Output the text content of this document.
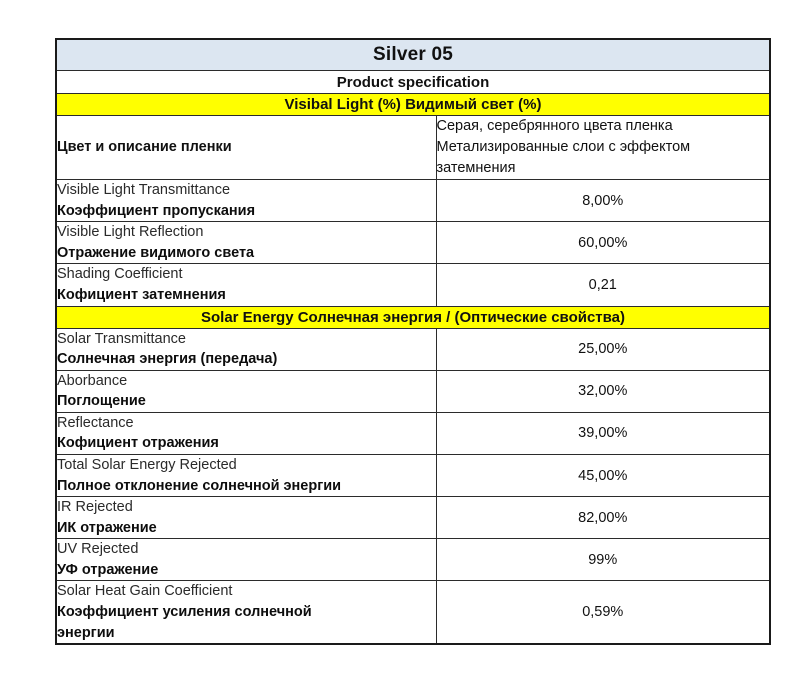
Silver 05	
Product specification	
Visibal Light (%) Видимый свет (%)	
Цвет и описание пленки	Серая, серебрянного цвета пленка
Метализированные слои с эффектом
затемнения

Visible Light Transmittance
Коэффициент пропускания	8,00%

Visible Light Reflection
Отражение видимого света	60,00%

Shading Coefficient
Кофициент затемнения	0,21
Solar Energy Солнечная энергия / (Оптические свойства)	

Solar Transmittance
Солнечная энергия (передача)	25,00%

Aborbance
Поглощение	32,00%

Reflectance
Кофициент отражения	39,00%

Total Solar Energy Rejected
Полное отклонение солнечной энергии	45,00%

IR Rejected
ИК отражение	82,00%

UV Rejected
УФ отражение	99%

Solar Heat Gain Coefficient
Коэффициент усиления солнечной
энергии	0,59%
